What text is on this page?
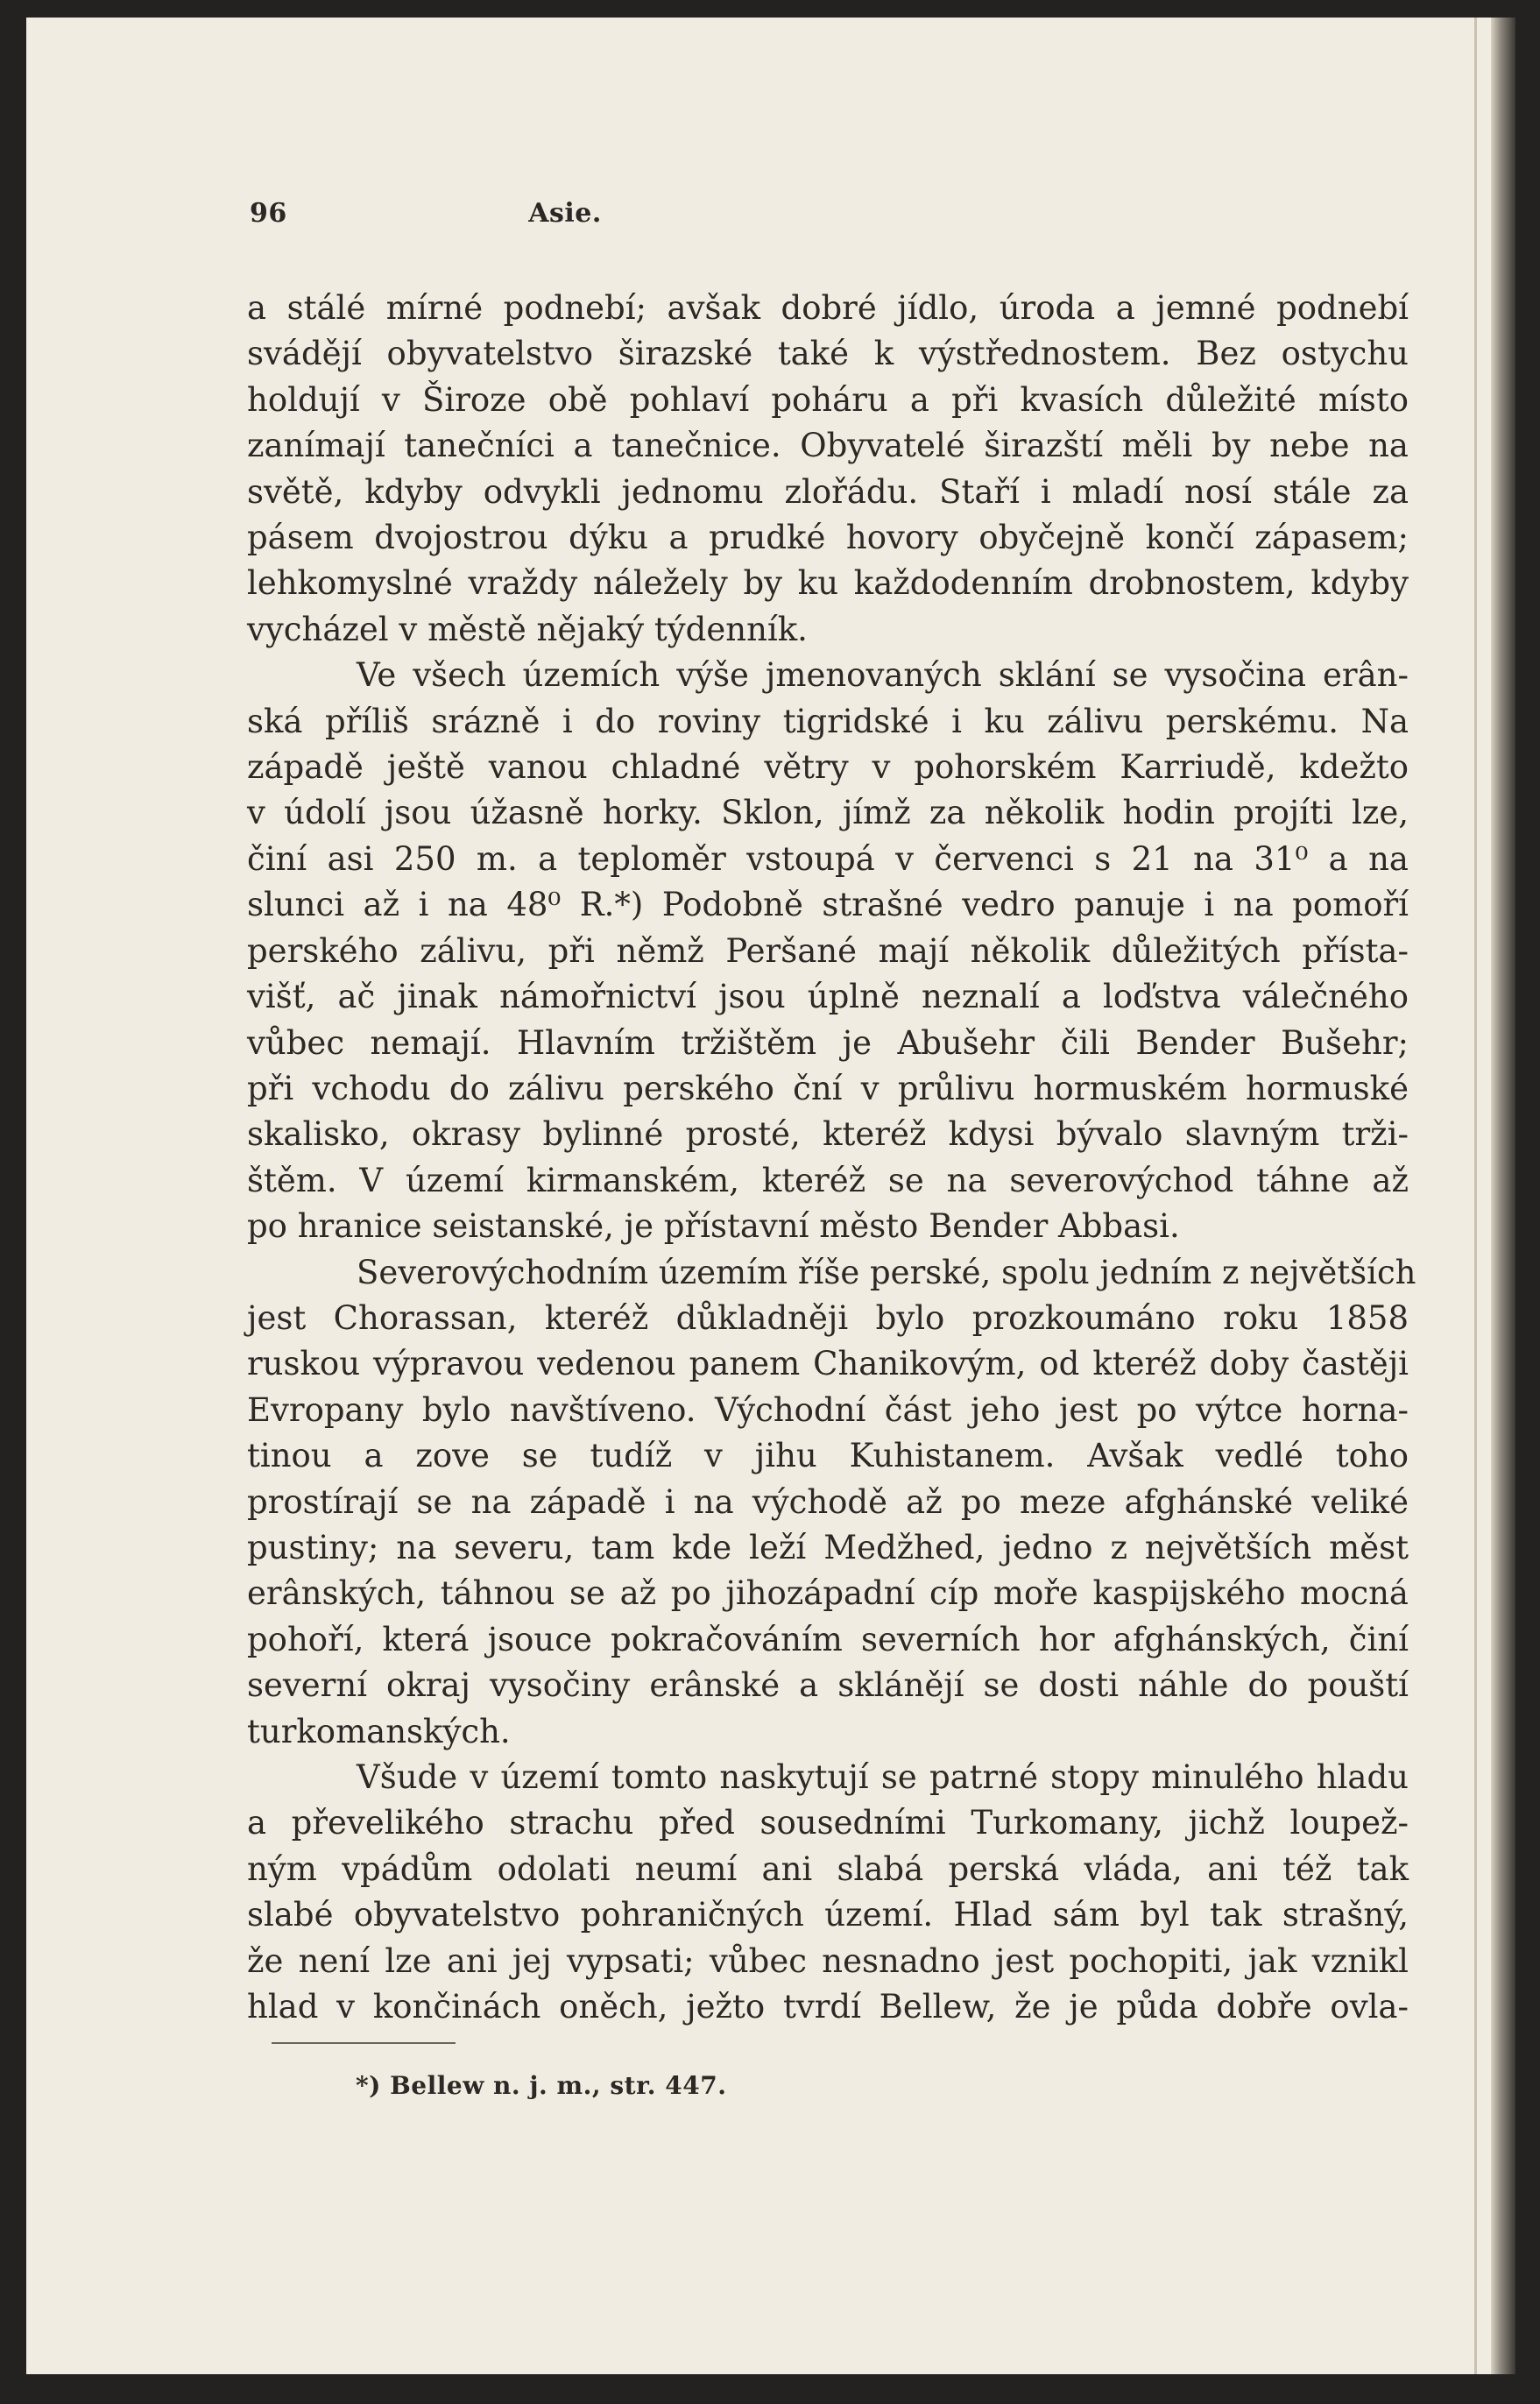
96	Asie.
a stálé mírné podnebí; avšak dobré jídlo, úroda a jemné podnebí
svádějí obyvatelstvo širazské také k výstřednostem. Bez ostychu
holdují v Široze obě pohlaví poháru a při kvasích důležité místo
zanímají tanečníci a tanečnice. Obyvatelé širazští měli by nebe na
světě, kdyby odvykli jednomu zlořádu. Staří i mladí nosí stále za
pásem dvojostrou dýku a prudké hovory obyčejně končí zápasem;
lehkomyslné vraždy náležely by ku každodenním drobnostem, kdyby
vycházel v městě nějaký týdenník.
Ve všech územích výše jmenovaných sklání se vysočina erân-
ská příliš srázně i do roviny tigridské i ku zálivu perskému. Na
západě ještě vanou chladné větry v pohorském Karriudě, kdežto
v údolí jsou úžasně horky. Sklon, jímž za několik hodin projíti lze,
činí asi 250 m. a teploměr vstoupá v červenci s 21 na 31⁰ a na
slunci až i na 48⁰ R.*) Podobně strašné vedro panuje i na pomoří
perského zálivu, při němž Peršané mají několik důležitých přísta-
višť, ač jinak námořnictví jsou úplně neznalí a loďstva válečného
vůbec nemají. Hlavním tržištěm je Abušehr čili Bender Bušehr;
při vchodu do zálivu perského ční v průlivu hormuském hormuské
skalisko, okrasy bylinné prosté, kteréž kdysi bývalo slavným trži-
štěm. V území kirmanském, kteréž se na severovýchod táhne až
po hranice seistanské, je přístavní město Bender Abbasi.
Severovýchodním územím říše perské, spolu jedním z největších
jest Chorassan, kteréž důkladněji bylo prozkoumáno roku 1858
ruskou výpravou vedenou panem Chanikovým, od kteréž doby častěji
Evropany bylo navštíveno. Východní část jeho jest po výtce horna-
tinou a zove se tudíž v jihu Kuhistanem. Avšak vedlé toho
prostírají se na západě i na východě až po meze afghánské veliké
pustiny; na severu, tam kde leží Medžhed, jedno z největších měst
erânských, táhnou se až po jihozápadní cíp moře kaspijského mocná
pohoří, která jsouce pokračováním severních hor afghánských, činí
severní okraj vysočiny erânské a sklánějí se dosti náhle do pouští
turkomanských.
Všude v území tomto naskytují se patrné stopy minulého hladu
a převelikého strachu před sousedními Turkomany, jichž loupež-
ným vpádům odolati neumí ani slabá perská vláda, ani též tak
slabé obyvatelstvo pohraničných území. Hlad sám byl tak strašný,
že není lze ani jej vypsati; vůbec nesnadno jest pochopiti, jak vznikl
hlad v končinách oněch, ježto tvrdí Bellew, že je půda dobře ovla-
*) Bellew n. j. m., str. 447.
